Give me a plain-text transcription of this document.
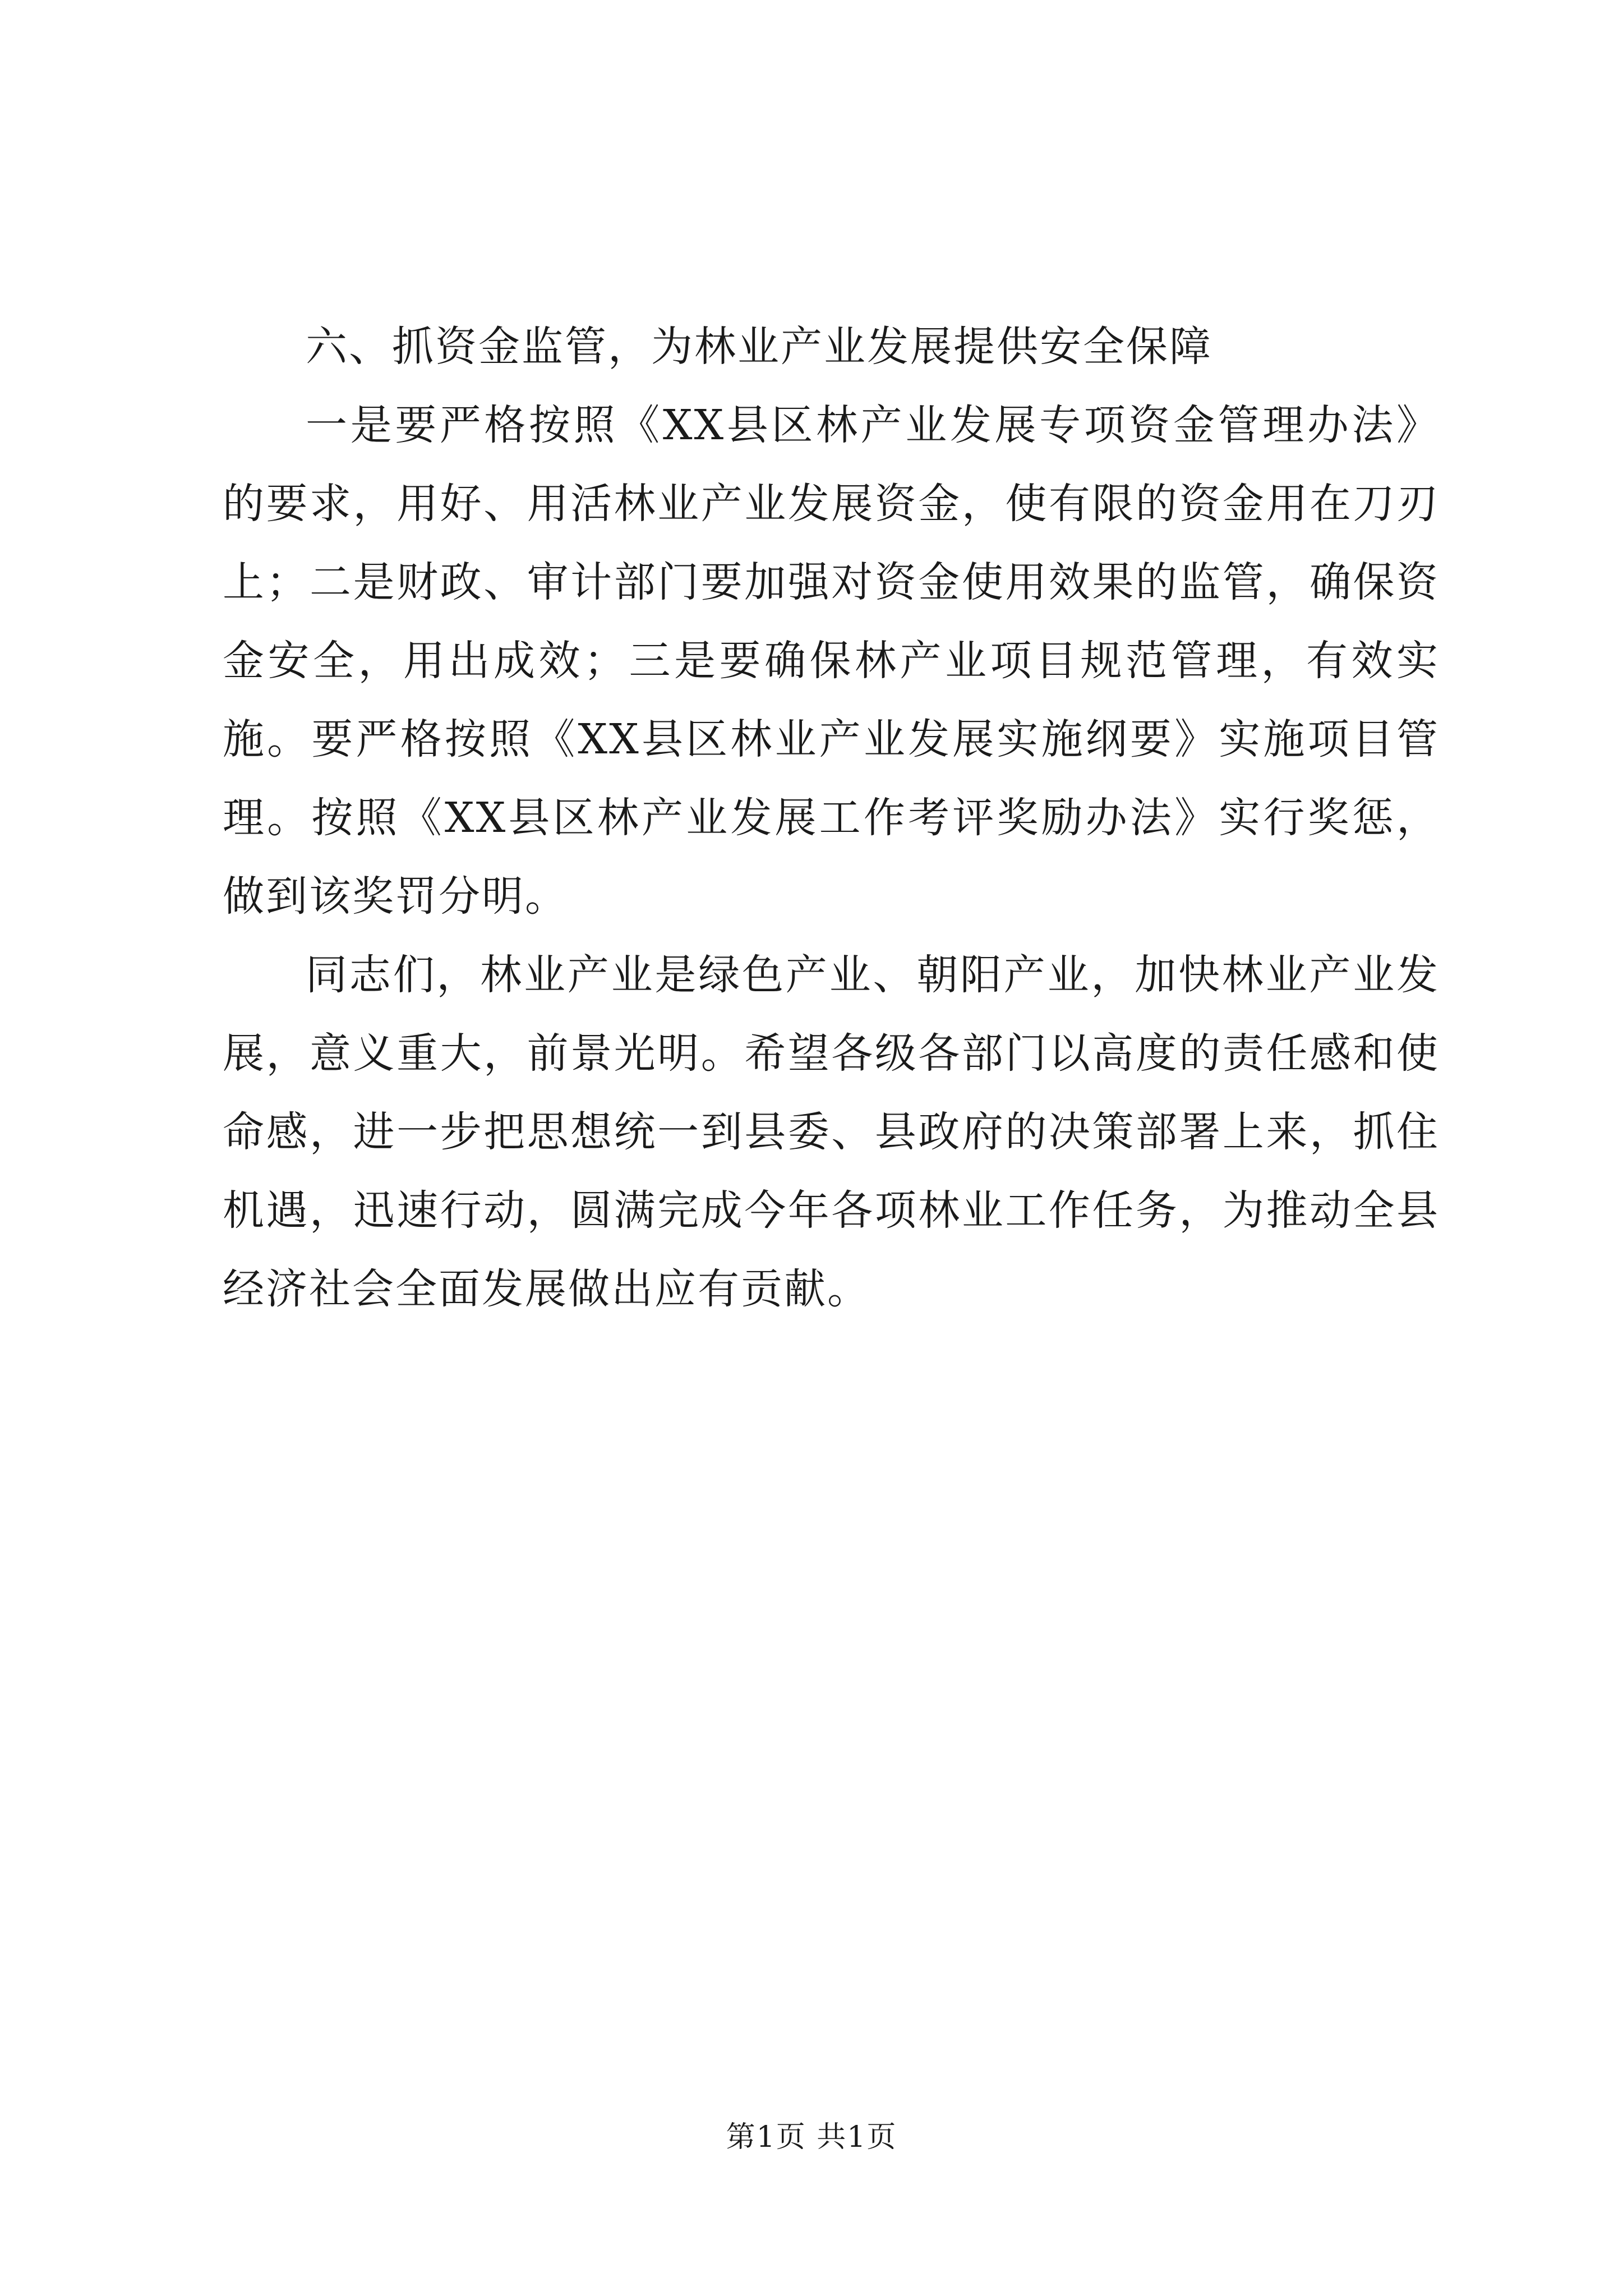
六、抓资金监管，为林业产业发展提供安全保障

一是要严格按照《XX县区林产业发展专项资金管理办法》的要求，用好、用活林业产业发展资金，使有限的资金用在刀刃上；二是财政、审计部门要加强对资金使用效果的监管，确保资金安全，用出成效；三是要确保林产业项目规范管理，有效实施。要严格按照《XX县区林业产业发展实施纲要》实施项目管理。按照《XX县区林产业发展工作考评奖励办法》实行奖惩，做到该奖罚分明。

同志们，林业产业是绿色产业、朝阳产业，加快林业产业发展，意义重大，前景光明。希望各级各部门以高度的责任感和使命感，进一步把思想统一到县委、县政府的决策部署上来，抓住机遇，迅速行动，圆满完成今年各项林业工作任务，为推动全县经济社会全面发展做出应有贡献。

第1页 共1页
